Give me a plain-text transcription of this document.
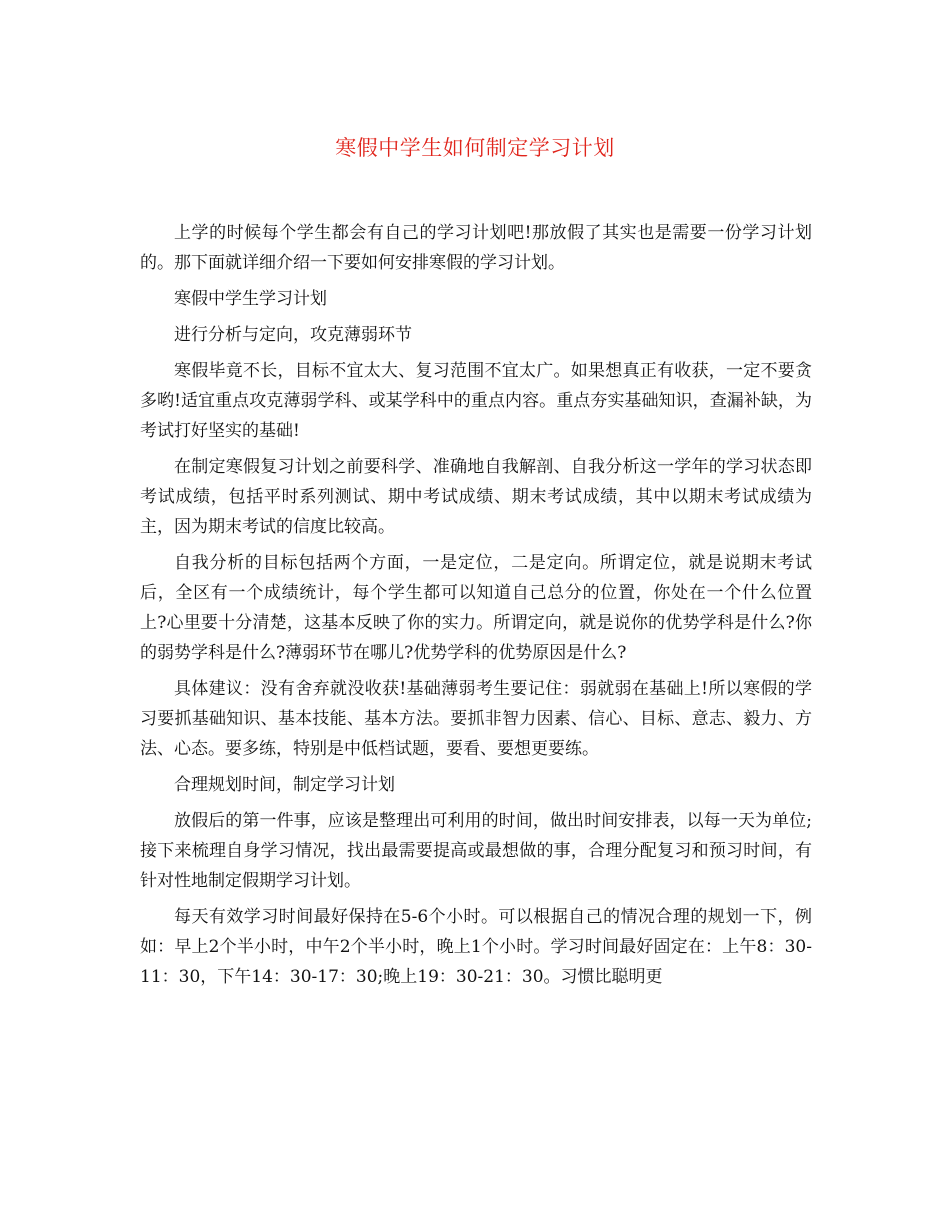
寒假中学生如何制定学习计划

上学的时候每个学生都会有自己的学习计划吧!那放假了其实也是需要一份学习计划的。那下面就详细介绍一下要如何安排寒假的学习计划。

寒假中学生学习计划

进行分析与定向，攻克薄弱环节

寒假毕竟不长，目标不宜太大、复习范围不宜太广。如果想真正有收获，一定不要贪多哟!适宜重点攻克薄弱学科、或某学科中的重点内容。重点夯实基础知识，查漏补缺，为考试打好坚实的基础!

在制定寒假复习计划之前要科学、准确地自我解剖、自我分析这一学年的学习状态即考试成绩，包括平时系列测试、期中考试成绩、期末考试成绩，其中以期末考试成绩为主，因为期末考试的信度比较高。

自我分析的目标包括两个方面，一是定位，二是定向。所谓定位，就是说期末考试后，全区有一个成绩统计，每个学生都可以知道自己总分的位置，你处在一个什么位置上?心里要十分清楚，这基本反映了你的实力。所谓定向，就是说你的优势学科是什么?你的弱势学科是什么?薄弱环节在哪儿?优势学科的优势原因是什么?

具体建议：没有舍弃就没收获!基础薄弱考生要记住：弱就弱在基础上!所以寒假的学习要抓基础知识、基本技能、基本方法。要抓非智力因素、信心、目标、意志、毅力、方法、心态。要多练，特别是中低档试题，要看、要想更要练。

合理规划时间，制定学习计划

放假后的第一件事，应该是整理出可利用的时间，做出时间安排表，以每一天为单位;接下来梳理自身学习情况，找出最需要提高或最想做的事，合理分配复习和预习时间，有针对性地制定假期学习计划。

每天有效学习时间最好保持在5-6个小时。可以根据自己的情况合理的规划一下，例如：早上2个半小时，中午2个半小时，晚上1个小时。学习时间最好固定在：上午8：30-11：30，下午14：30-17：30;晚上19：30-21：30。习惯比聪明更
